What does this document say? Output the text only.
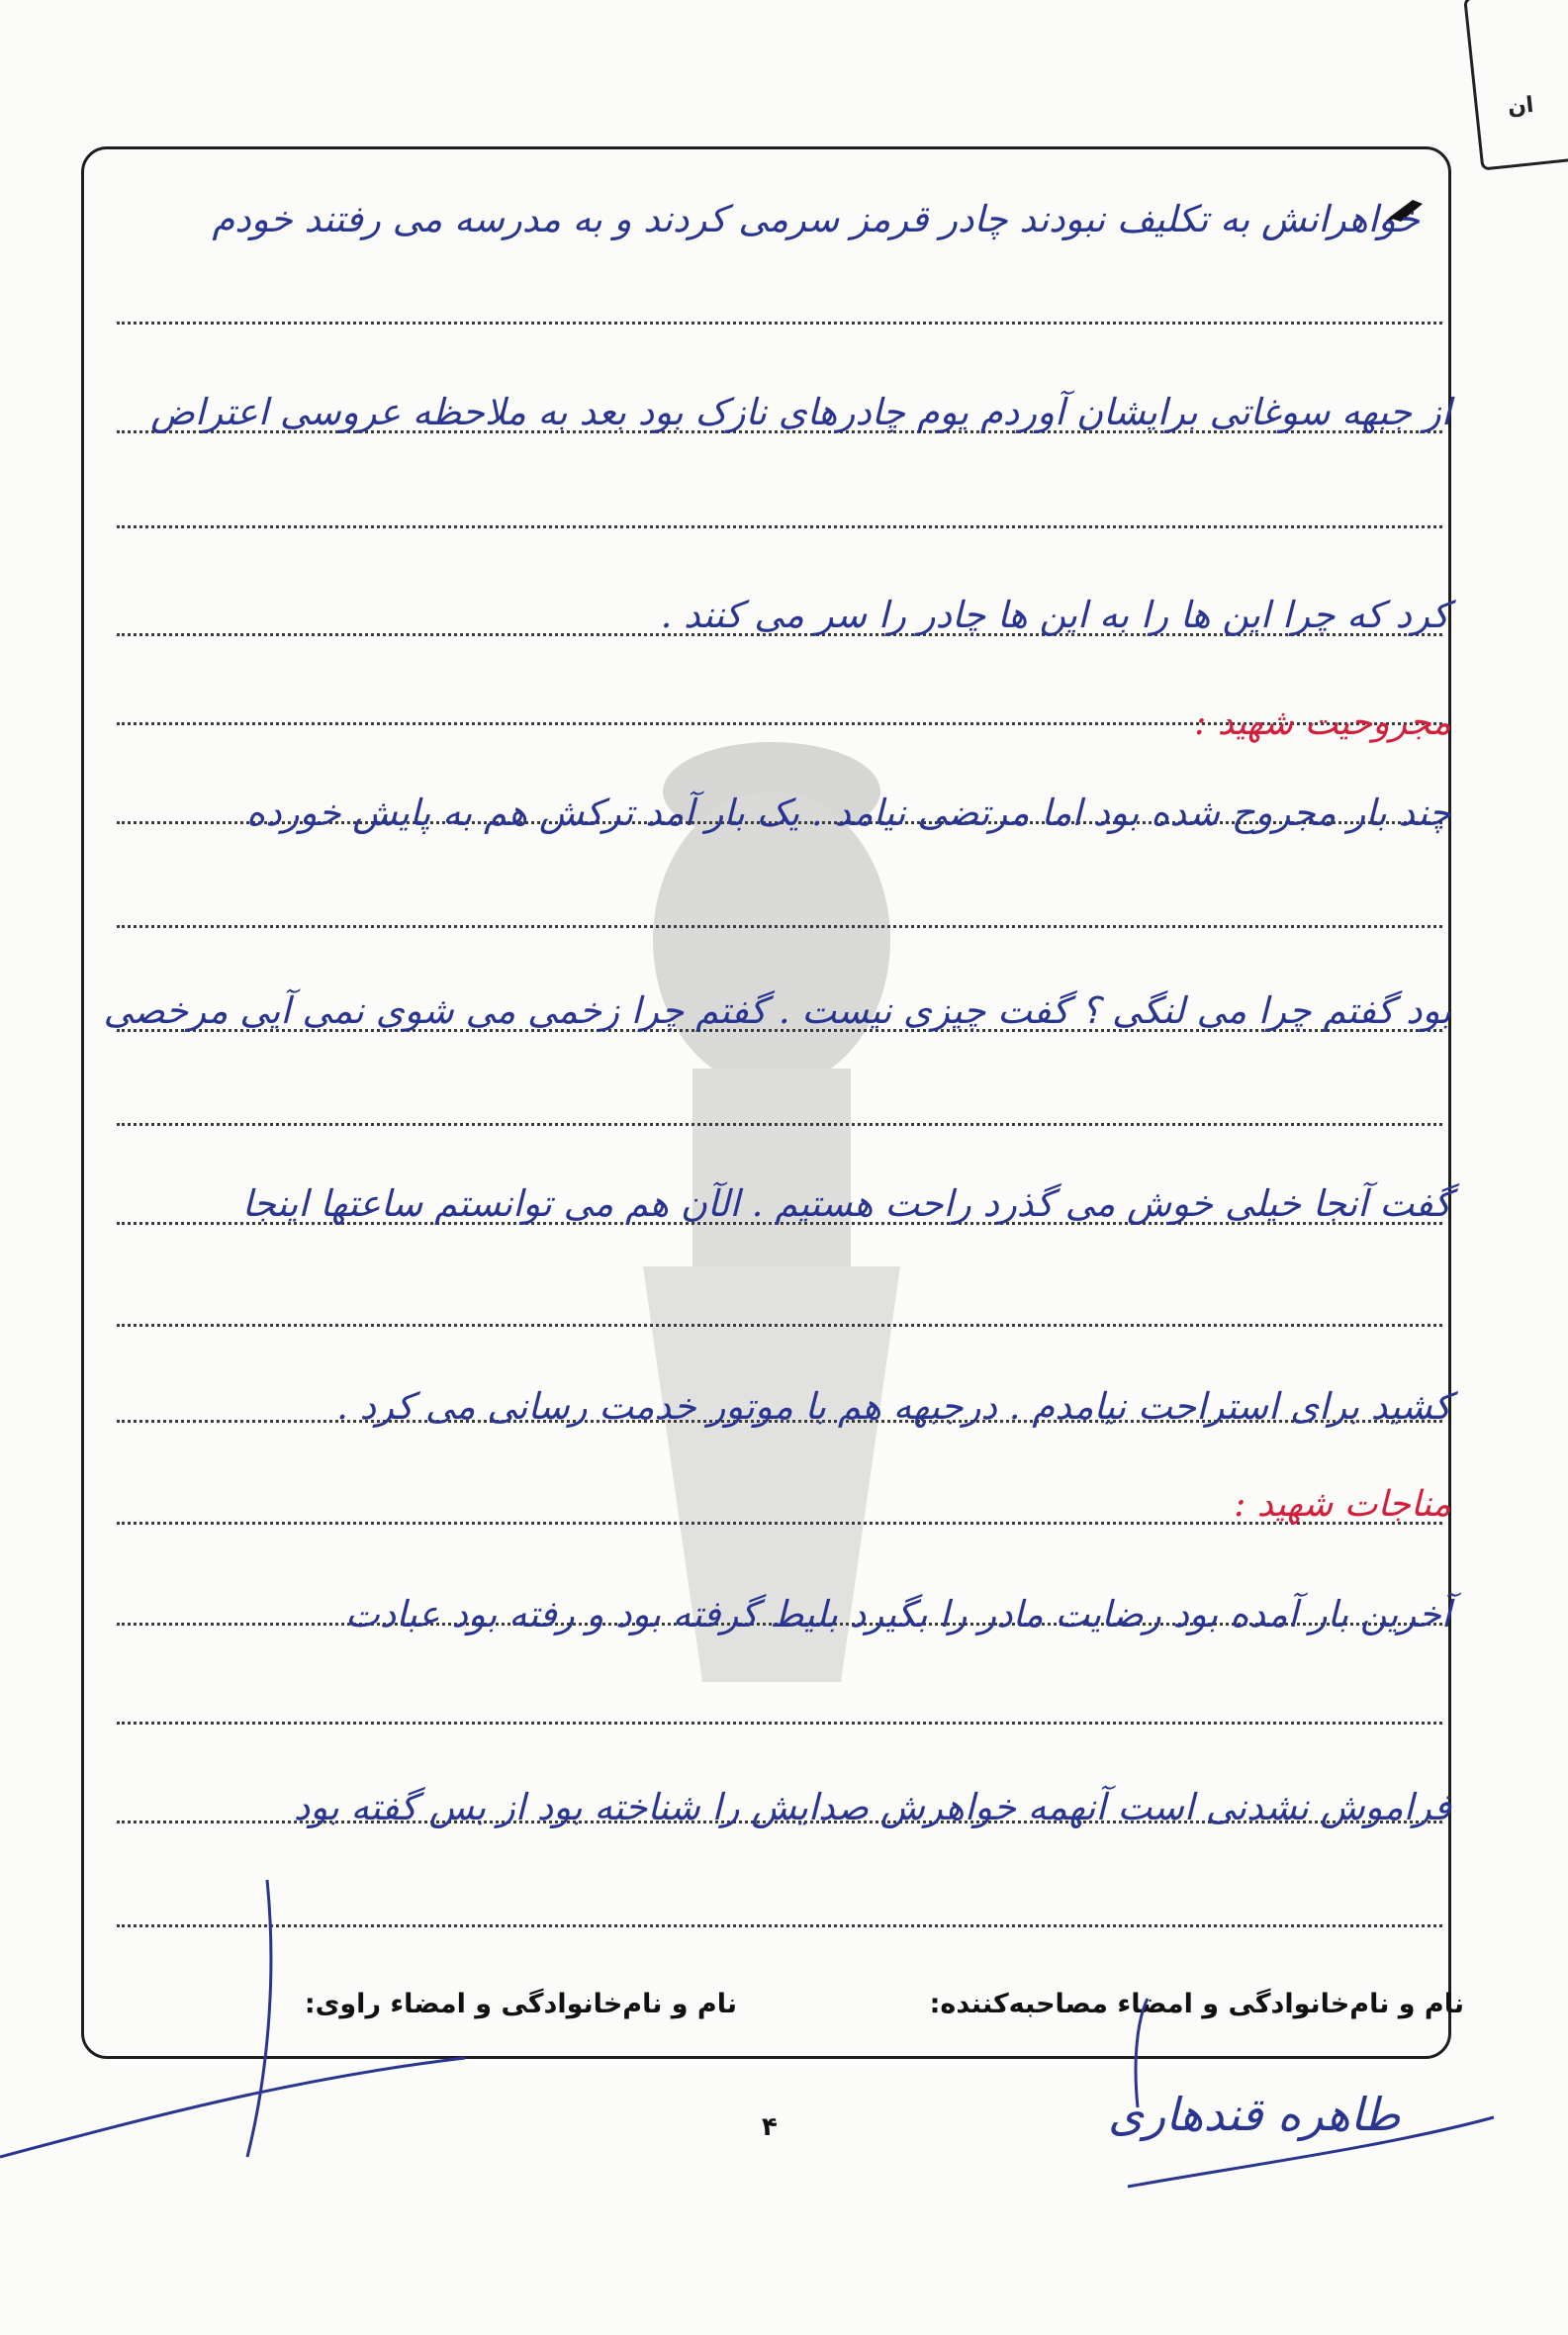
ان
خواهرانش به تکلیف نبودند چادر قرمز سرمی کردند و به مدرسه می رفتند خودم
از جبهه سوغاتی برایشان آوردم یوم چادرهای نازک بود بعد به ملاحظه عروسی اعتراض
کرد که چرا این ها را به این ها چادر را سر می کنند .
مجروحیت شهید :
چند بار مجروح شده بود اما مرتضی نیامد . یک بار آمد ترکش هم به پایش خورده
بود گفتم چرا می لنگی ؟ گفت چیزی نیست . گفتم چرا زخمی می شوی نمی آیی مرخصی
گفت آنجا خیلی خوش می گذرد راحت هستیم . الآن هم می توانستم ساعتها اینجا
کشید برای استراحت نیامدم . درجبهه هم با موتور خدمت رسانی می کرد .
مناجات شهید :
آخرین بار آمده بود رضایت مادر را بگیرد بلیط گرفته بود و رفته بود عبادت
فراموش نشدنی است آنهمه خواهرش صدایش را شناخته بود از بس گفته بود
نام و نام‌خانوادگی و امضاء مصاحبه‌کننده:
نام و نام‌خانوادگی و امضاء راوی:
۴	طاهره قندهاری
